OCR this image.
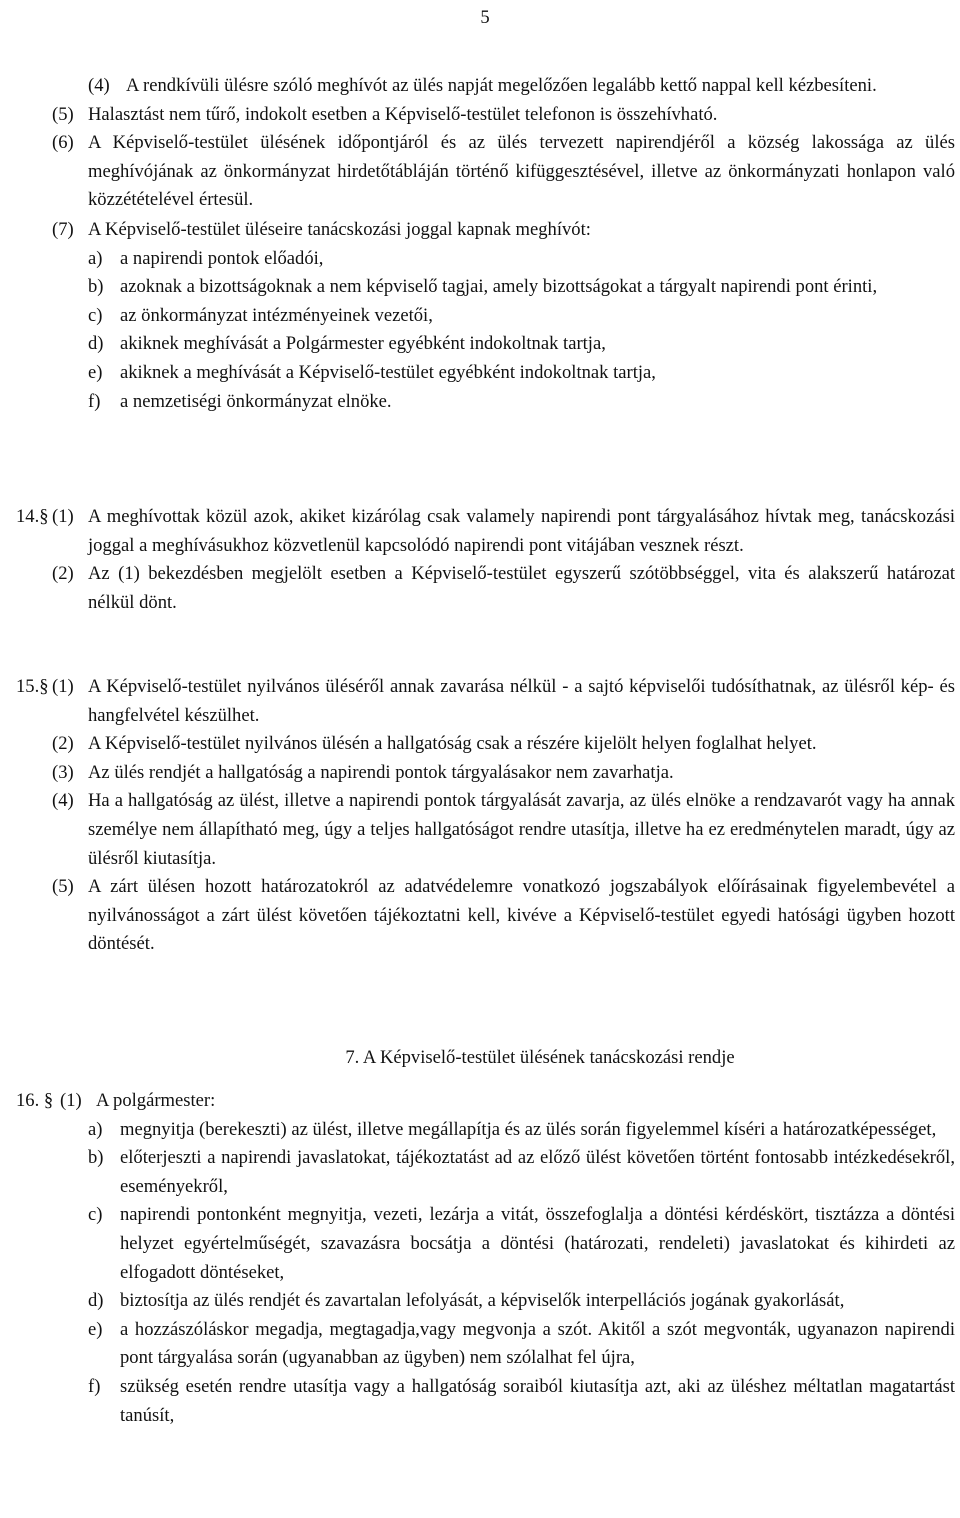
5
(4) A rendkívüli ülésre szóló meghívót az ülés napját megelőzően legalább kettő nappal kell kézbesíteni.

(5) Halasztást nem tűrő, indokolt esetben a Képviselő-testület telefonon is összehívható.

(6) A Képviselő-testület ülésének időpontjáról és az ülés tervezett napirendjéről a község lakossága az ülés meghívójának az önkormányzat hirdetőtábláján történő kifüggesztésével, illetve az önkormányzati honlapon való közzétételével értesül.

(7) A Képviselő-testület üléseire tanácskozási joggal kapnak meghívót:

a) a napirendi pontok előadói,

b) azoknak a bizottságoknak a nem képviselő tagjai, amely bizottságokat a tárgyalt napirendi pont érinti,

c) az önkormányzat intézményeinek vezetői,

d) akiknek meghívását a Polgármester egyébként indokoltnak tartja,

e) akiknek a meghívását a Képviselő-testület egyébként indokoltnak tartja,

f) a nemzetiségi önkormányzat elnöke.

14.§ (1) A meghívottak közül azok, akiket kizárólag csak valamely napirendi pont tárgyalásához hívtak meg, tanácskozási joggal a meghívásukhoz közvetlenül kapcsolódó napirendi pont vitájában vesznek részt.

(2) Az (1) bekezdésben megjelölt esetben a Képviselő-testület egyszerű szótöbbséggel, vita és alakszerű határozat nélkül dönt.

15.§ (1) A Képviselő-testület nyilvános üléséről annak zavarása nélkül - a sajtó képviselői tudósíthatnak, az ülésről kép- és hangfelvétel készülhet.

(2) A Képviselő-testület nyilvános ülésén a hallgatóság csak a részére kijelölt helyen foglalhat helyet.

(3) Az ülés rendjét a hallgatóság a napirendi pontok tárgyalásakor nem zavarhatja.

(4) Ha a hallgatóság az ülést, illetve a napirendi pontok tárgyalását zavarja, az ülés elnöke a rendzavarót vagy ha annak személye nem állapítható meg, úgy a teljes hallgatóságot rendre utasítja, illetve ha ez eredménytelen maradt, úgy az ülésről kiutasítja.

(5) A zárt ülésen hozott határozatokról az adatvédelemre vonatkozó jogszabályok előírásainak figyelembevétel a nyilvánosságot a zárt ülést követően tájékoztatni kell, kivéve a Képviselő-testület egyedi hatósági ügyben hozott döntését.

7. A Képviselő-testület ülésének tanácskozási rendje
16. § (1) A polgármester:

a) megnyitja (berekeszti) az ülést, illetve megállapítja és az ülés során figyelemmel kíséri a határozatképességet,

b) előterjeszti a napirendi javaslatokat, tájékoztatást ad az előző ülést követően történt fontosabb intézkedésekről, eseményekről,

c) napirendi pontonként megnyitja, vezeti, lezárja a vitát, összefoglalja a döntési kérdéskört, tisztázza a döntési helyzet egyértelműségét, szavazásra bocsátja a döntési (határozati, rendeleti) javaslatokat és kihirdeti az elfogadott döntéseket,

d) biztosítja az ülés rendjét és zavartalan lefolyását, a képviselők interpellációs jogának gyakorlását,

e) a hozzászóláskor megadja, megtagadja,vagy megvonja a szót. Akitől a szót megvonták, ugyanazon napirendi pont tárgyalása során (ugyanabban az ügyben) nem szólalhat fel újra,

f) szükség esetén rendre utasítja vagy a hallgatóság soraiból kiutasítja azt, aki az üléshez méltatlan magatartást tanúsít,
